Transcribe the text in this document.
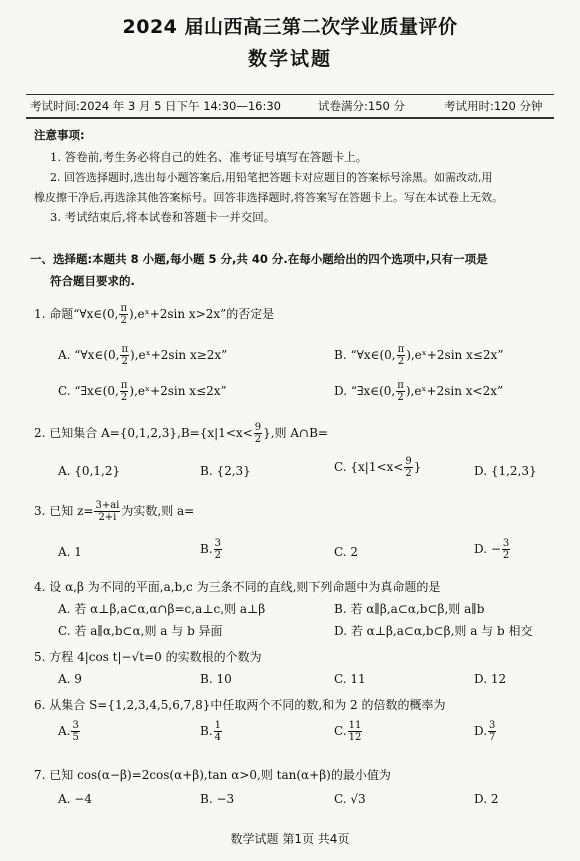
2024 届山西高三第二次学业质量评价
数学试题
考试时间:2024 年 3 月 5 日下午 14:30—16:30	试卷满分:150 分	考试用时:120 分钟
注意事项:
1. 答卷前,考生务必将自己的姓名、准考证号填写在答题卡上。
2. 回答选择题时,选出每小题答案后,用铅笔把答题卡对应题目的答案标号涂黑。如需改动,用
橡皮擦干净后,再选涂其他答案标号。回答非选择题时,将答案写在答题卡上。写在本试卷上无效。
3. 考试结束后,将本试卷和答题卡一并交回。
一、选择题:本题共 8 小题,每小题 5 分,共 40 分.在每小题给出的四个选项中,只有一项是
符合题目要求的.
1. 命题“∀x∈(0, $\frac{\pi}{2}$ ),eˣ+2sin x>2x”的否定是
A. “∀x∈(0, $\frac{\pi}{2}$ ),eˣ+2sin x≥2x”	B. “∀x∈(0, $\frac{\pi}{2}$ ),eˣ+2sin x≤2x”
C. “∃x∈(0, $\frac{\pi}{2}$ ),eˣ+2sin x≤2x”	D. “∃x∈(0, $\frac{\pi}{2}$ ),eˣ+2sin x<2x”
2. 已知集合 $A=\{0,1,2,3\},B=\{x|1<x< \frac{9}{2}$ },则 A∩B=
A. {0,1,2}	B. {2,3}	C. {$x|1<x< \frac{9}{2}$ }	D. {1,2,3}
3. 已知 $z= \frac{3+ai}{2+i}$ 为实数,则 a=
A. 1	B. $\frac{3}{2}$	C. 2	D. − $\frac{3}{2}$
4. 设 α,β 为不同的平面,a,b,c 为三条不同的直线,则下列命题中为真命题的是
A. 若 α⊥β,a⊂α,α∩β=c,a⊥c,则 a⊥β	B. 若 α∥β,a⊂α,b⊂β,则 a∥b
C. 若 a∥α,b⊂α,则 a 与 b 异面	D. 若 α⊥β,a⊂α,b⊂β,则 a 与 b 相交
5. 方程 4|cos t|−√t=0 的实数根的个数为
A. 9	B. 10	C. 11	D. 12
6. 从集合 S={1,2,3,4,5,6,7,8}中任取两个不同的数,和为 2 的倍数的概率为
A. $\frac{3}{5}$	B. $\frac{1}{4}$	C. $\frac{11}{12}$	D. $\frac{3}{7}$
7. 已知 cos(α−β)=2cos(α+β),tan α>0,则 tan(α+β)的最小值为
A. −4	B. −3	C. √3	D. 2
数学试题 第1页 共4页
